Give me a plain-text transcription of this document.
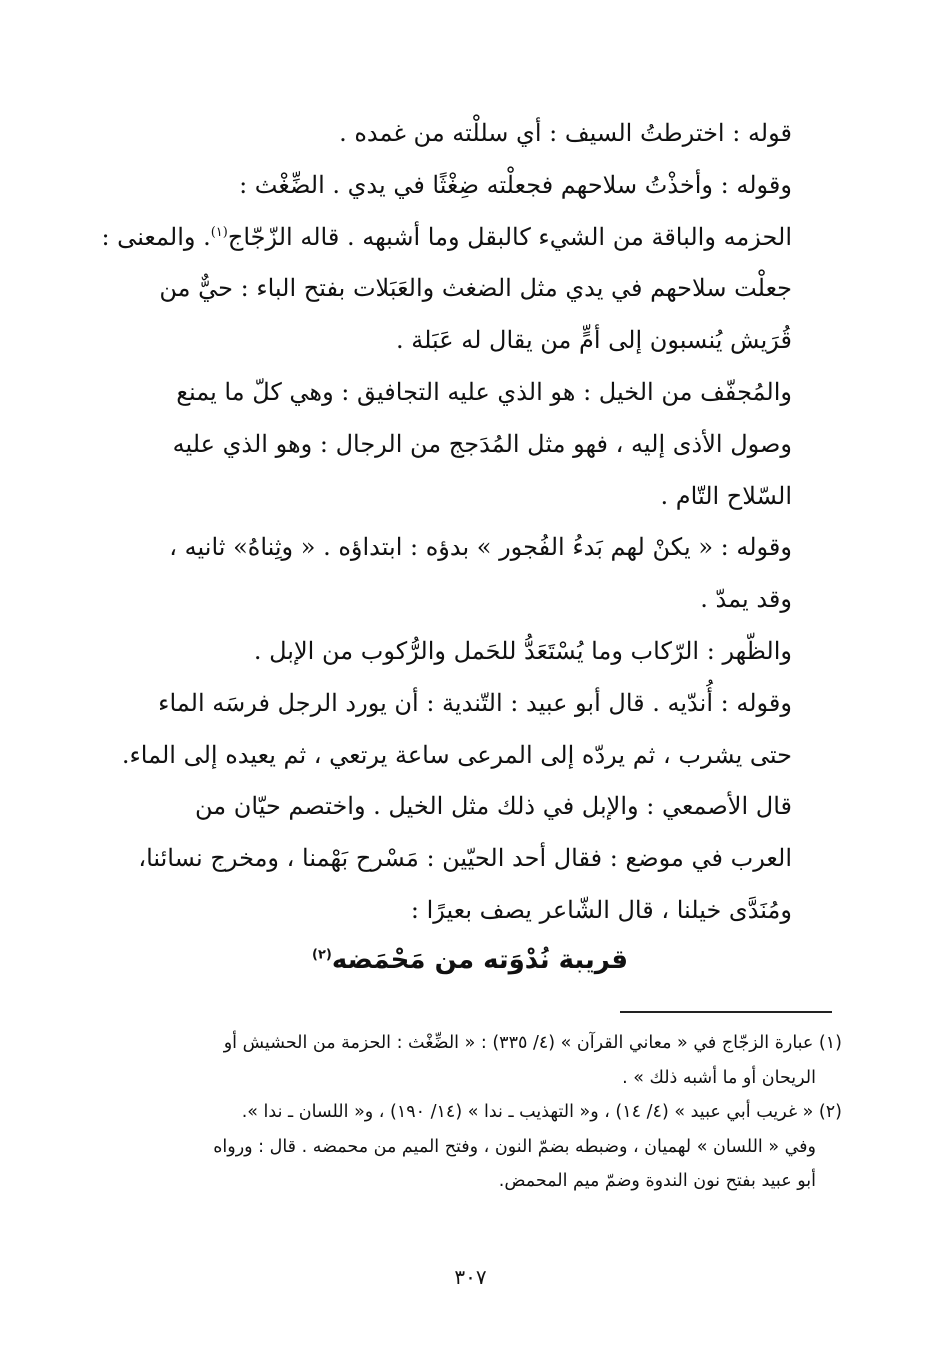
قوله : اخترطتُ السيف : أي سللْته من غمده .

وقوله : وأخذْتُ سلاحهم فجعلْته ضِغْثًا في يدي . الضِّغْث :
الحزمه والباقة من الشيء كالبقل وما أشبهه . قاله الزّجّاج$^{(١)}$. والمعنى :
جعلْت سلاحهم في يدي مثل الضغث والعَبَلات بفتح الباء : حيٌّ من
قُرَيش يُنسبون إلى أمٍّ من يقال له عَبَلة .

والمُجفّف من الخيل : هو الذي عليه التجافيق : وهي كلّ ما يمنع
وصول الأذى إليه ، فهو مثل المُدَجج من الرجال : وهو الذي عليه
السّلاح التّام .

وقوله : « يكنْ لهم بَدءُ الفُجور » بدؤه : ابتداؤه . « وثِناهُ» ثانيه ،
وقد يمدّ .

والظّهر : الرّكاب وما يُسْتَعَدُّ للحَمل والرُّكوب من الإبل .

وقوله : أُندّيه . قال أبو عبيد : التّندية : أن يورد الرجل فرسَه الماء
حتى يشرب ، ثم يردّه إلى المرعى ساعة يرتعي ، ثم يعيده إلى الماء.
قال الأصمعي : والإبل في ذلك مثل الخيل . واختصم حيّان من
العرب في موضع : فقال أحد الحيّين : مَسْرح بَهْمنا ، ومخرج نسائنا،
ومُنَدَّى خيلنا ، قال الشّاعر يصف بعيرًا :

قريبة نُدْوَته من مَحْمَضه$^{(٢)}$

(١) عبارة الزجّاج في « معاني القرآن » (٤/ ٣٣٥) : « الضِّغْث : الحزمة من الحشيش أو
الريحان أو ما أشبه ذلك » .

(٢) « غريب أبي عبيد » (٤/ ١٤) ، و« التهذيب ـ ندا » (١٤/ ١٩٠) ، و« اللسان ـ ندا ».
وفي « اللسان » لهميان ، وضبطه بضمّ النون ، وفتح الميم من محمضه . قال : ورواه
أبو عبيد بفتح نون الندوة وضمّ ميم المحمض.

٣٠٧
